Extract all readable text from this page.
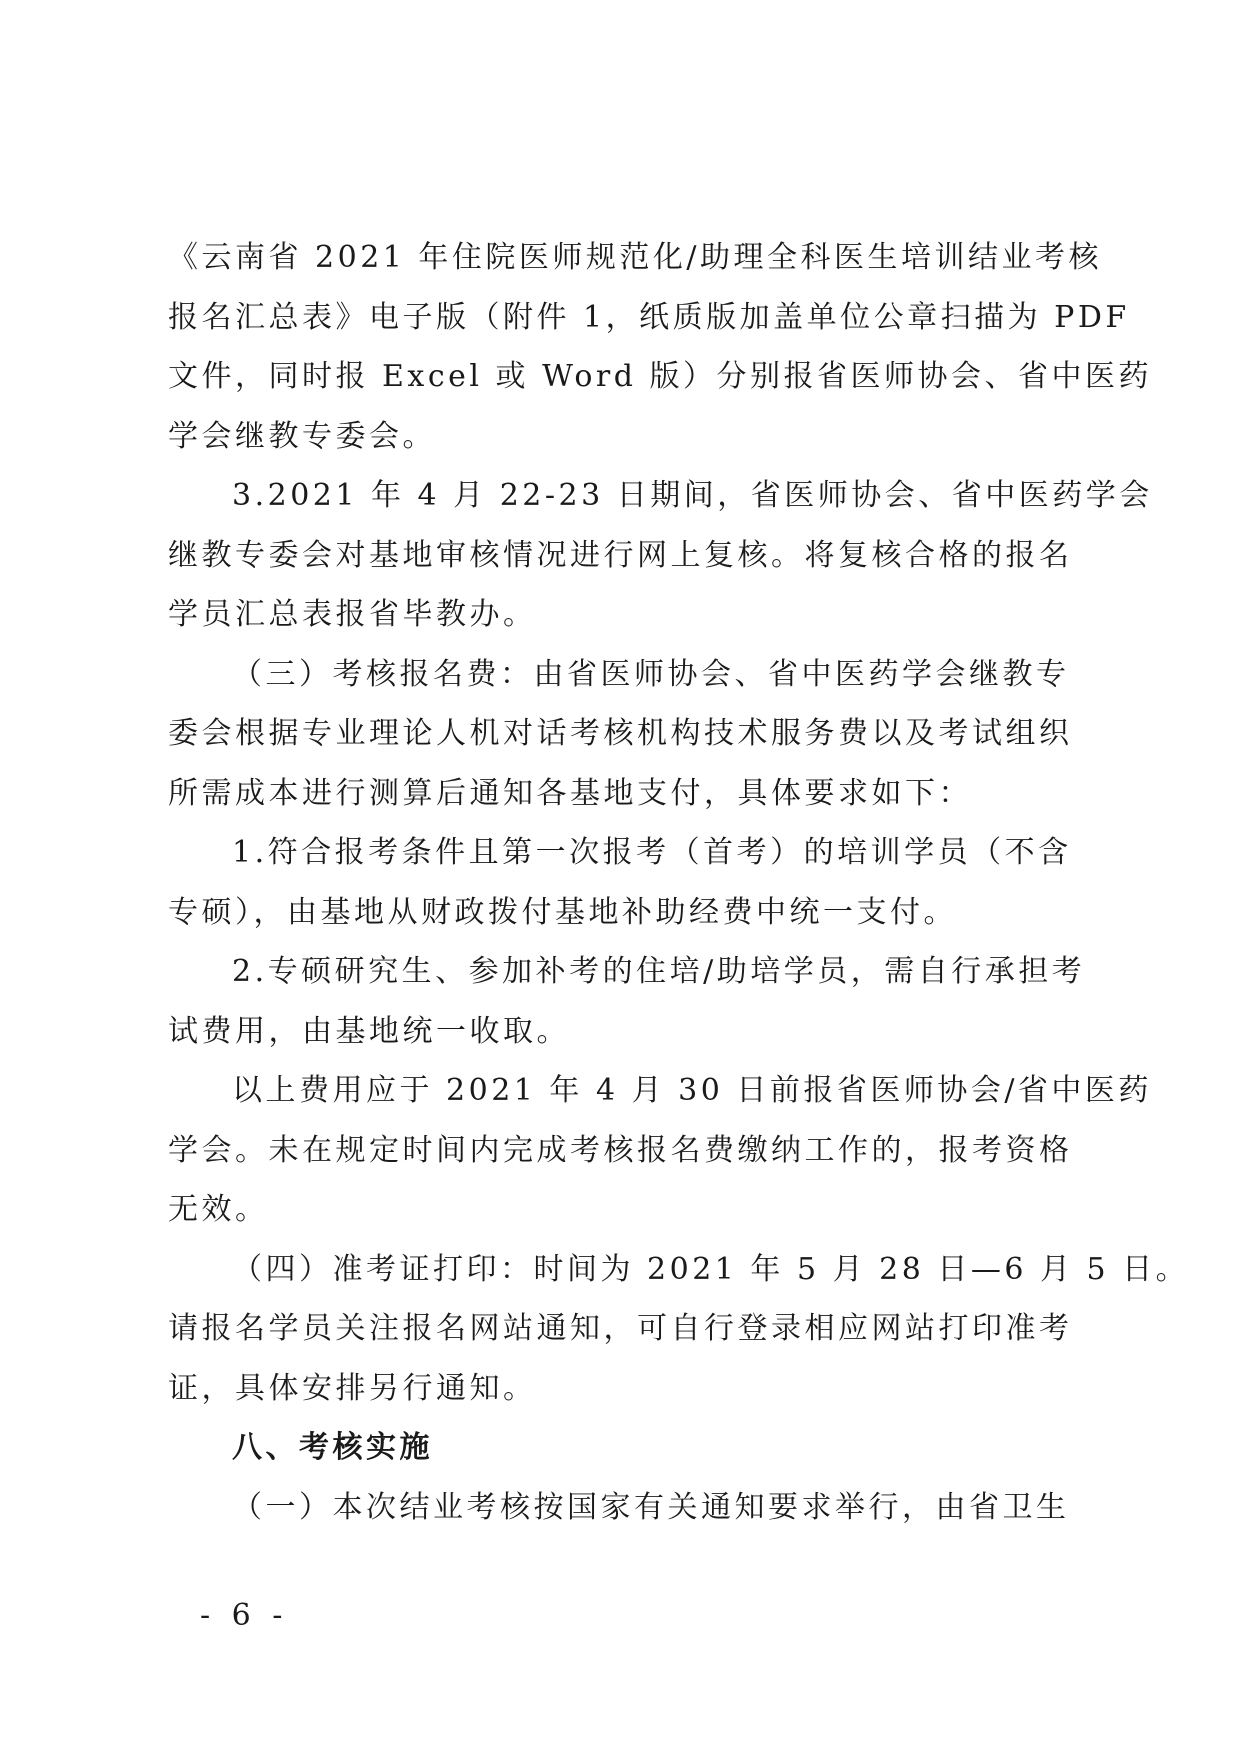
《云南省 2021 年住院医师规范化/助理全科医生培训结业考核
报名汇总表》电子版（附件 1，纸质版加盖单位公章扫描为 PDF
文件，同时报 Excel 或 Word 版）分别报省医师协会、省中医药
学会继教专委会。
3.2021 年 4 月 22-23 日期间，省医师协会、省中医药学会
继教专委会对基地审核情况进行网上复核。将复核合格的报名
学员汇总表报省毕教办。
（三）考核报名费：由省医师协会、省中医药学会继教专
委会根据专业理论人机对话考核机构技术服务费以及考试组织
所需成本进行测算后通知各基地支付，具体要求如下：
1.符合报考条件且第一次报考（首考）的培训学员（不含
专硕），由基地从财政拨付基地补助经费中统一支付。
2.专硕研究生、参加补考的住培/助培学员，需自行承担考
试费用，由基地统一收取。
以上费用应于 2021 年 4 月 30 日前报省医师协会/省中医药
学会。未在规定时间内完成考核报名费缴纳工作的，报考资格
无效。
（四）准考证打印：时间为 2021 年 5 月 28 日—6 月 5 日。
请报名学员关注报名网站通知，可自行登录相应网站打印准考
证，具体安排另行通知。
八、考核实施
（一）本次结业考核按国家有关通知要求举行，由省卫生
- 6 -
